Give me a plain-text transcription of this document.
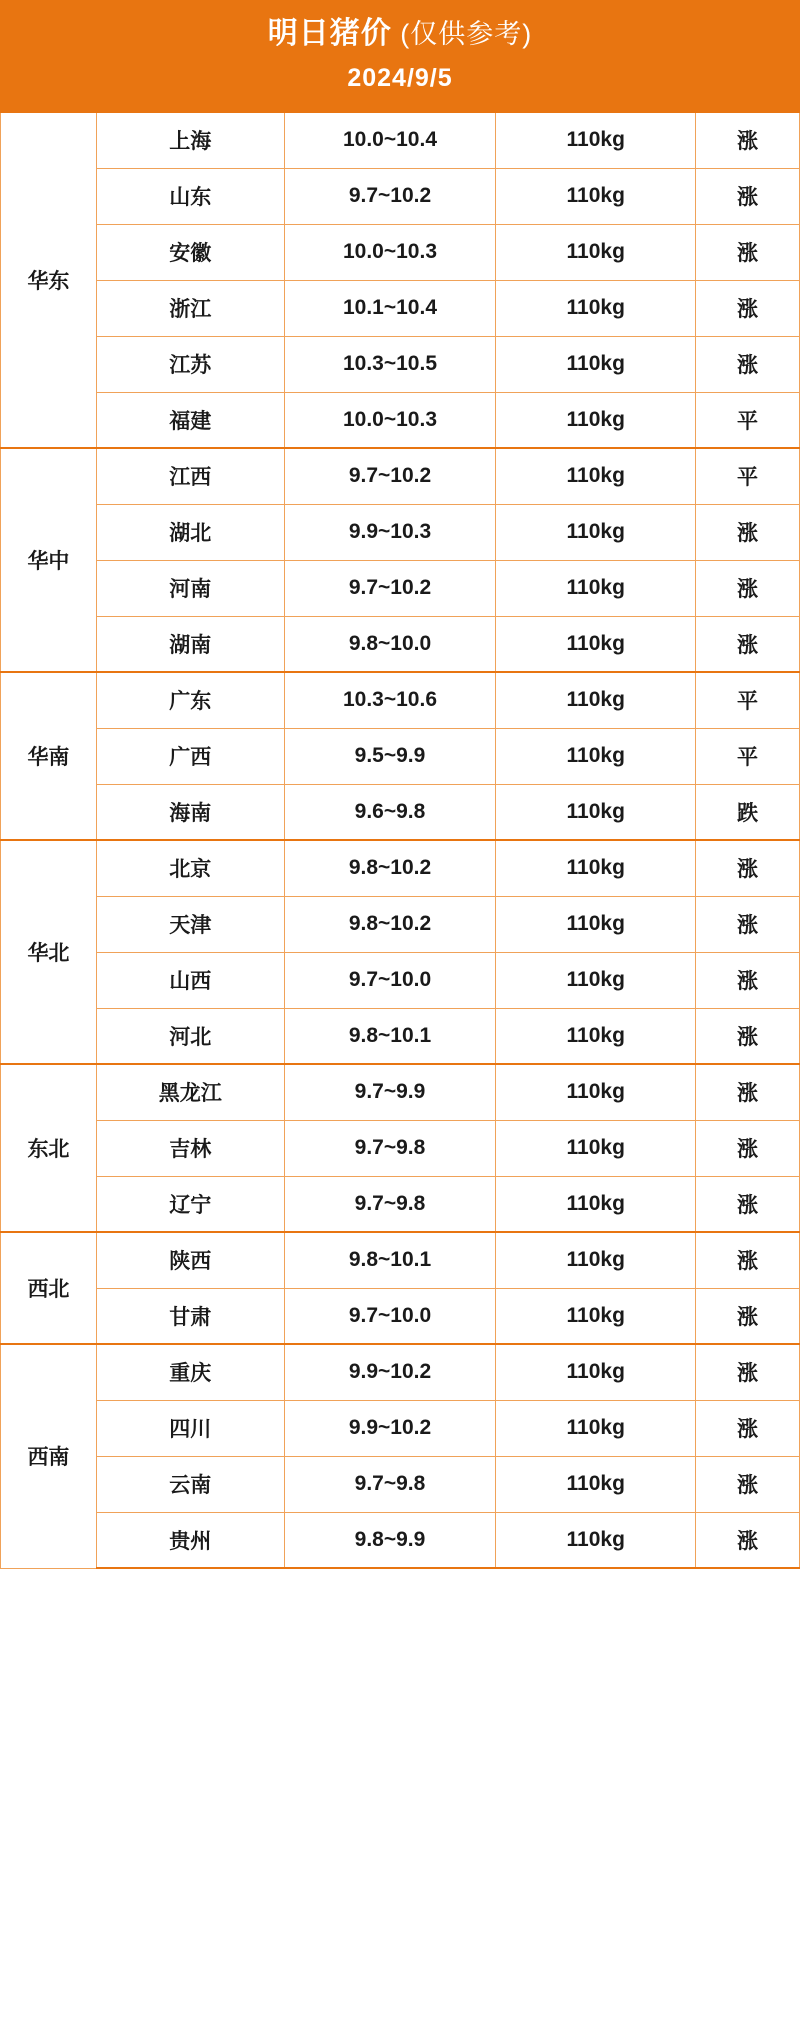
明日猪价 (仅供参考)
2024/9/5
华东	上海	10.0~10.4	110kg	涨
	山东	9.7~10.2	110kg	涨
	安徽	10.0~10.3	110kg	涨
	浙江	10.1~10.4	110kg	涨
	江苏	10.3~10.5	110kg	涨
	福建	10.0~10.3	110kg	平
华中	江西	9.7~10.2	110kg	平
	湖北	9.9~10.3	110kg	涨
	河南	9.7~10.2	110kg	涨
	湖南	9.8~10.0	110kg	涨
华南	广东	10.3~10.6	110kg	平
	广西	9.5~9.9	110kg	平
	海南	9.6~9.8	110kg	跌
华北	北京	9.8~10.2	110kg	涨
	天津	9.8~10.2	110kg	涨
	山西	9.7~10.0	110kg	涨
	河北	9.8~10.1	110kg	涨
东北	黑龙江	9.7~9.9	110kg	涨
	吉林	9.7~9.8	110kg	涨
	辽宁	9.7~9.8	110kg	涨
西北	陕西	9.8~10.1	110kg	涨
	甘肃	9.7~10.0	110kg	涨
西南	重庆	9.9~10.2	110kg	涨
	四川	9.9~10.2	110kg	涨
	云南	9.7~9.8	110kg	涨
	贵州	9.8~9.9	110kg	涨
